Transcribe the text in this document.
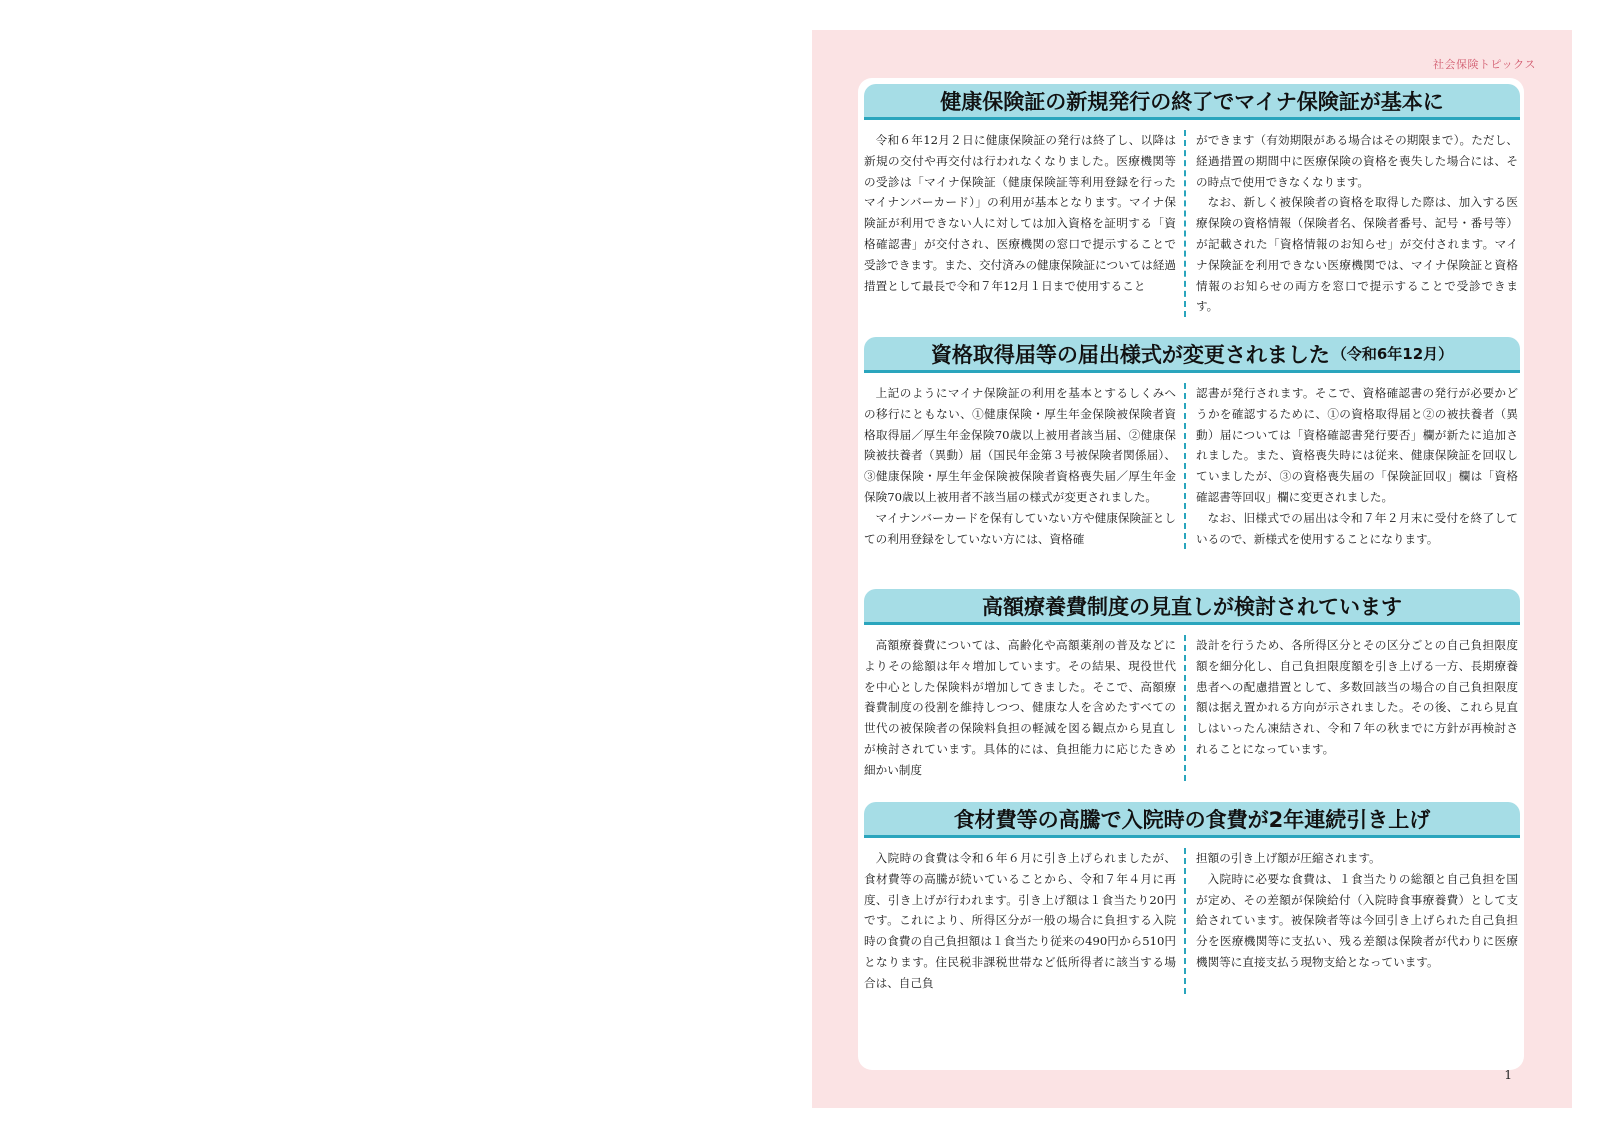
社会保険トピックス
健康保険証の新規発行の終了でマイナ保険証が基本に

令和６年12月２日に健康保険証の発行は終了し、以降は新規の交付や再交付は行われなくなりました。医療機関等の受診は「マイナ保険証（健康保険証等利用登録を行ったマイナンバーカード）」の利用が基本となります。マイナ保険証が利用できない人に対しては加入資格を証明する「資格確認書」が交付され、医療機関の窓口で提示することで受診できます。また、交付済みの健康保険証については経過措置として最長で令和７年12月１日まで使用すること

ができます（有効期限がある場合はその期限まで）。ただし、経過措置の期間中に医療保険の資格を喪失した場合には、その時点で使用できなくなります。

なお、新しく被保険者の資格を取得した際は、加入する医療保険の資格情報（保険者名、保険者番号、記号・番号等）が記載された「資格情報のお知らせ」が交付されます。マイナ保険証を利用できない医療機関では、マイナ保険証と資格情報のお知らせの両方を窓口で提示することで受診できます。

資格取得届等の届出様式が変更されました （令和6年12月）

上記のようにマイナ保険証の利用を基本とするしくみへの移行にともない、①健康保険・厚生年金保険被保険者資格取得届／厚生年金保険70歳以上被用者該当届、②健康保険被扶養者（異動）届（国民年金第３号被保険者関係届）、③健康保険・厚生年金保険被保険者資格喪失届／厚生年金保険70歳以上被用者不該当届の様式が変更されました。

マイナンバーカードを保有していない方や健康保険証としての利用登録をしていない方には、資格確

認書が発行されます。そこで、資格確認書の発行が必要かどうかを確認するために、①の資格取得届と②の被扶養者（異動）届については「資格確認書発行要否」欄が新たに追加されました。また、資格喪失時には従来、健康保険証を回収していましたが、③の資格喪失届の「保険証回収」欄は「資格確認書等回収」欄に変更されました。

なお、旧様式での届出は令和７年２月末に受付を終了しているので、新様式を使用することになります。

高額療養費制度の見直しが検討されています

高額療養費については、高齢化や高額薬剤の普及などによりその総額は年々増加しています。その結果、現役世代を中心とした保険料が増加してきました。そこで、高額療養費制度の役割を維持しつつ、健康な人を含めたすべての世代の被保険者の保険料負担の軽減を図る観点から見直しが検討されています。具体的には、負担能力に応じたきめ細かい制度

設計を行うため、各所得区分とその区分ごとの自己負担限度額を細分化し、自己負担限度額を引き上げる一方、長期療養患者への配慮措置として、多数回該当の場合の自己負担限度額は据え置かれる方向が示されました。その後、これら見直しはいったん凍結され、令和７年の秋までに方針が再検討されることになっています。

食材費等の高騰で入院時の食費が2年連続引き上げ

入院時の食費は令和６年６月に引き上げられましたが、食材費等の高騰が続いていることから、令和７年４月に再度、引き上げが行われます。引き上げ額は１食当たり20円です。これにより、所得区分が一般の場合に負担する入院時の食費の自己負担額は１食当たり従来の490円から510円となります。住民税非課税世帯など低所得者に該当する場合は、自己負

担額の引き上げ額が圧縮されます。

入院時に必要な食費は、１食当たりの総額と自己負担を国が定め、その差額が保険給付（入院時食事療養費）として支給されています。被保険者等は今回引き上げられた自己負担分を医療機関等に支払い、残る差額は保険者が代わりに医療機関等に直接支払う現物支給となっています。

1
